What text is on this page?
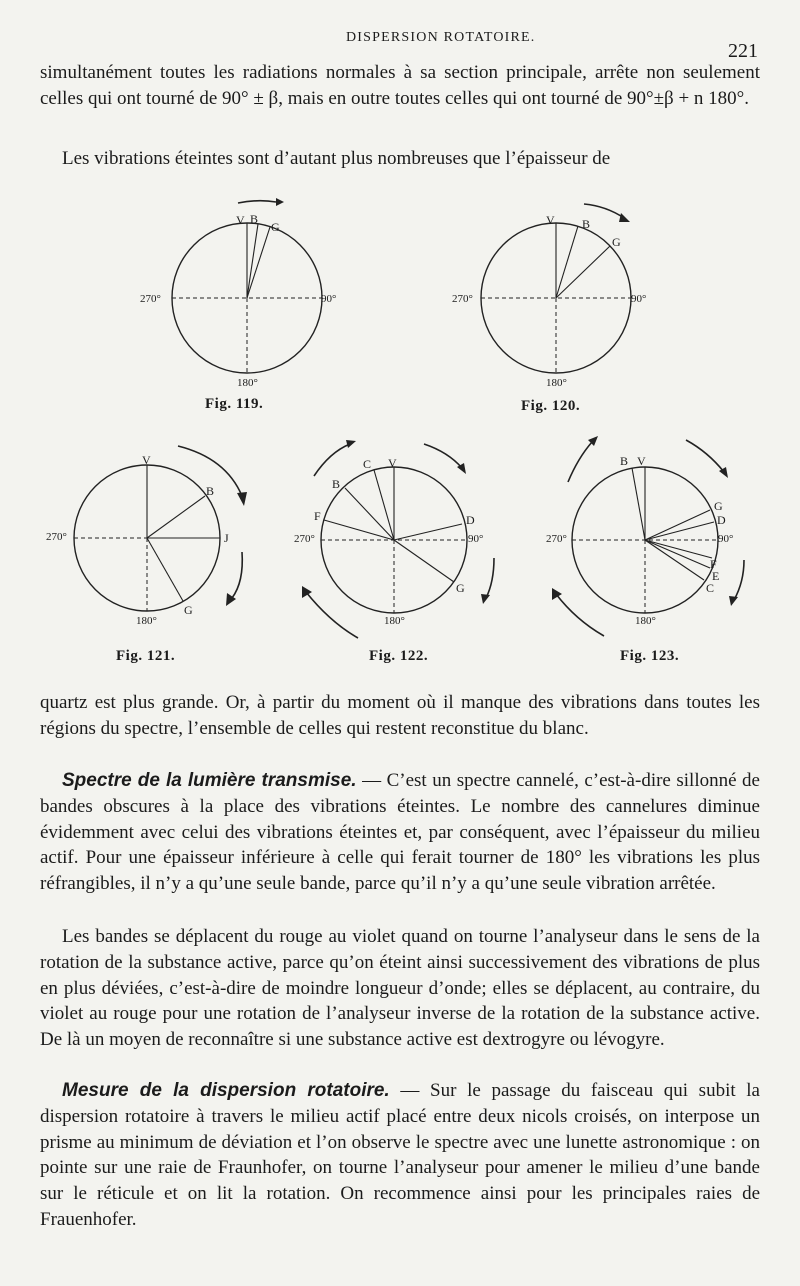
DISPERSION ROTATOIRE.
221

simultanément toutes les radiations normales à sa section principale, arrête non seulement celles qui ont tourné de 90° ± β, mais en outre toutes celles qui ont tourné de 90°±β + n 180°.

Les vibrations éteintes sont d’autant plus nombreuses que l’épaisseur de

V B
G
270°	90°
180°
V B
G
270°	90°
180°
V
B
J
G
270°
180°
C V
B
F	D
G
270°	90°
180°
B V
G
D
F
E
C
270°	90°
180°
Fig. 119.	Fig. 120.
Fig. 121.	Fig. 122.	Fig. 123.

quartz est plus grande. Or, à partir du moment où il manque des vibrations dans toutes les régions du spectre, l’ensemble de celles qui restent reconstitue du blanc.

Spectre de la lumière transmise. — C’est un spectre cannelé, c’est-à-dire sillonné de bandes obscures à la place des vibrations éteintes. Le nombre des cannelures diminue évidemment avec celui des vibrations éteintes et, par conséquent, avec l’épaisseur du milieu actif. Pour une épaisseur inférieure à celle qui ferait tourner de 180° les vibrations les plus réfrangibles, il n’y a qu’une seule bande, parce qu’il n’y a qu’une seule vibration arrêtée.

Les bandes se déplacent du rouge au violet quand on tourne l’analyseur dans le sens de la rotation de la substance active, parce qu’on éteint ainsi successivement des vibrations de plus en plus déviées, c’est-à-dire de moindre longueur d’onde; elles se déplacent, au contraire, du violet au rouge pour une rotation de l’analyseur inverse de la rotation de la substance active. De là un moyen de reconnaître si une substance active est dextrogyre ou lévogyre.

Mesure de la dispersion rotatoire. — Sur le passage du faisceau qui subit la dispersion rotatoire à travers le milieu actif placé entre deux nicols croisés, on interpose un prisme au minimum de déviation et l’on observe le spectre avec une lunette astronomique : on pointe sur une raie de Fraunhofer, on tourne l’analyseur pour amener le milieu d’une bande sur le réticule et on lit la rotation. On recommence ainsi pour les principales raies de Frauenhofer.
